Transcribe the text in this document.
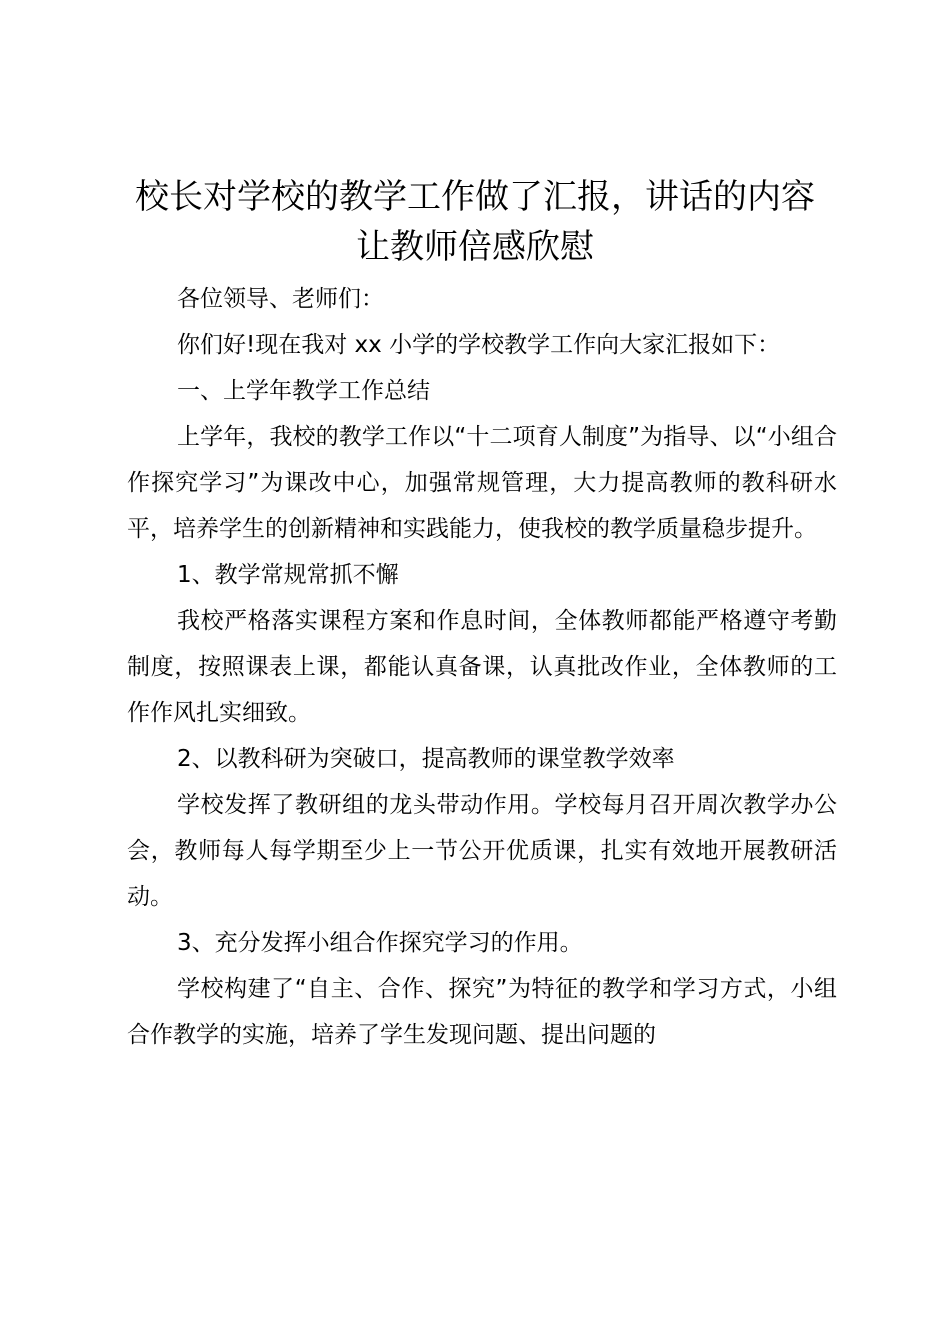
校长对学校的教学工作做了汇报，讲话的内容
让教师倍感欣慰

各位领导、老师们：

你们好!现在我对 xx 小学的学校教学工作向大家汇报如下：

一、上学年教学工作总结

上学年，我校的教学工作以“十二项育人制度”为指导、以“小组合作探究学习”为课改中心，加强常规管理，大力提高教师的教科研水平，培养学生的创新精神和实践能力，使我校的教学质量稳步提升。

1、教学常规常抓不懈

我校严格落实课程方案和作息时间，全体教师都能严格遵守考勤制度，按照课表上课，都能认真备课，认真批改作业，全体教师的工作作风扎实细致。

2、以教科研为突破口，提高教师的课堂教学效率

学校发挥了教研组的龙头带动作用。学校每月召开周次教学办公会，教师每人每学期至少上一节公开优质课，扎实有效地开展教研活动。

3、充分发挥小组合作探究学习的作用。

学校构建了“自主、合作、探究”为特征的教学和学习方式，小组合作教学的实施，培养了学生发现问题、提出问题的
